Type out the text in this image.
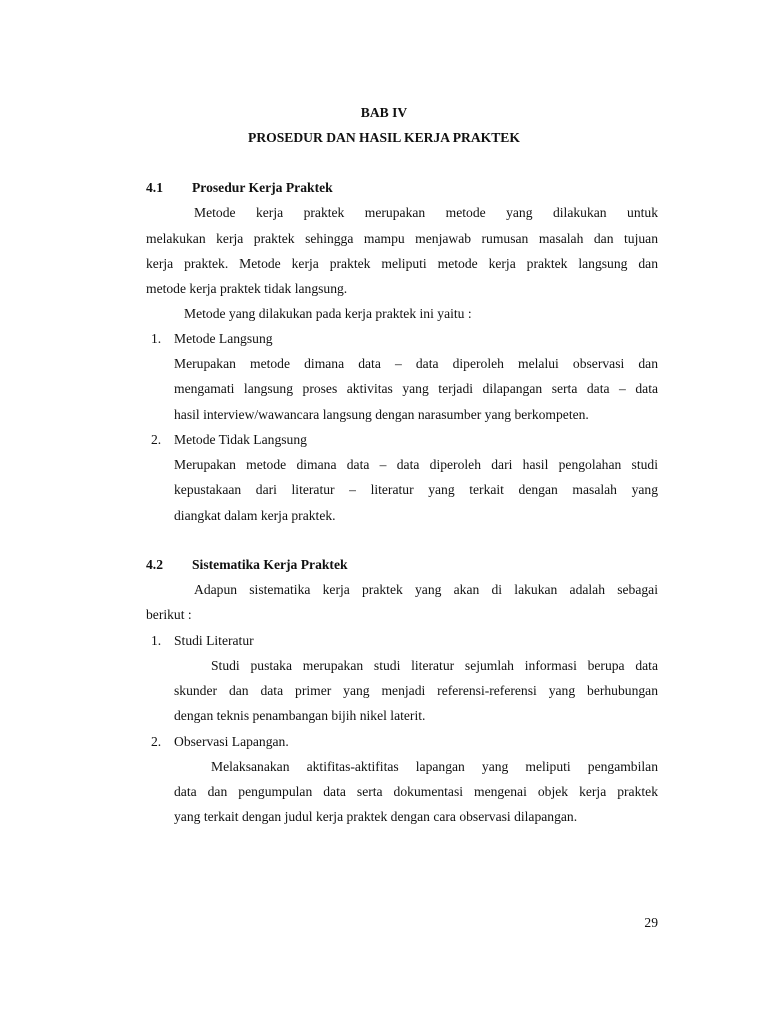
BAB IV
PROSEDUR DAN HASIL KERJA PRAKTEK
4.1 Prosedur Kerja Praktek
Metode kerja praktek merupakan metode yang dilakukan untuk
melakukan kerja praktek sehingga mampu menjawab rumusan masalah dan tujuan
kerja praktek. Metode kerja praktek meliputi metode kerja praktek langsung dan
metode kerja praktek tidak langsung.
Metode yang dilakukan pada kerja praktek ini yaitu :
1. Metode Langsung
Merupakan metode dimana data – data diperoleh melalui observasi dan
mengamati langsung proses aktivitas yang terjadi dilapangan serta data – data
hasil interview/wawancara langsung dengan narasumber yang berkompeten.
2. Metode Tidak Langsung
Merupakan metode dimana data – data diperoleh dari hasil pengolahan studi
kepustakaan dari literatur – literatur yang terkait dengan masalah yang
diangkat dalam kerja praktek.
4.2 Sistematika Kerja Praktek
Adapun sistematika kerja praktek yang akan di lakukan adalah sebagai
berikut :
1. Studi Literatur
Studi pustaka merupakan studi literatur sejumlah informasi berupa data
skunder dan data primer yang menjadi referensi-referensi yang berhubungan
dengan teknis penambangan bijih nikel laterit.
2. Observasi Lapangan.
Melaksanakan aktifitas-aktifitas lapangan yang meliputi pengambilan
data dan pengumpulan data serta dokumentasi mengenai objek kerja praktek
yang terkait dengan judul kerja praktek dengan cara observasi dilapangan.
29
